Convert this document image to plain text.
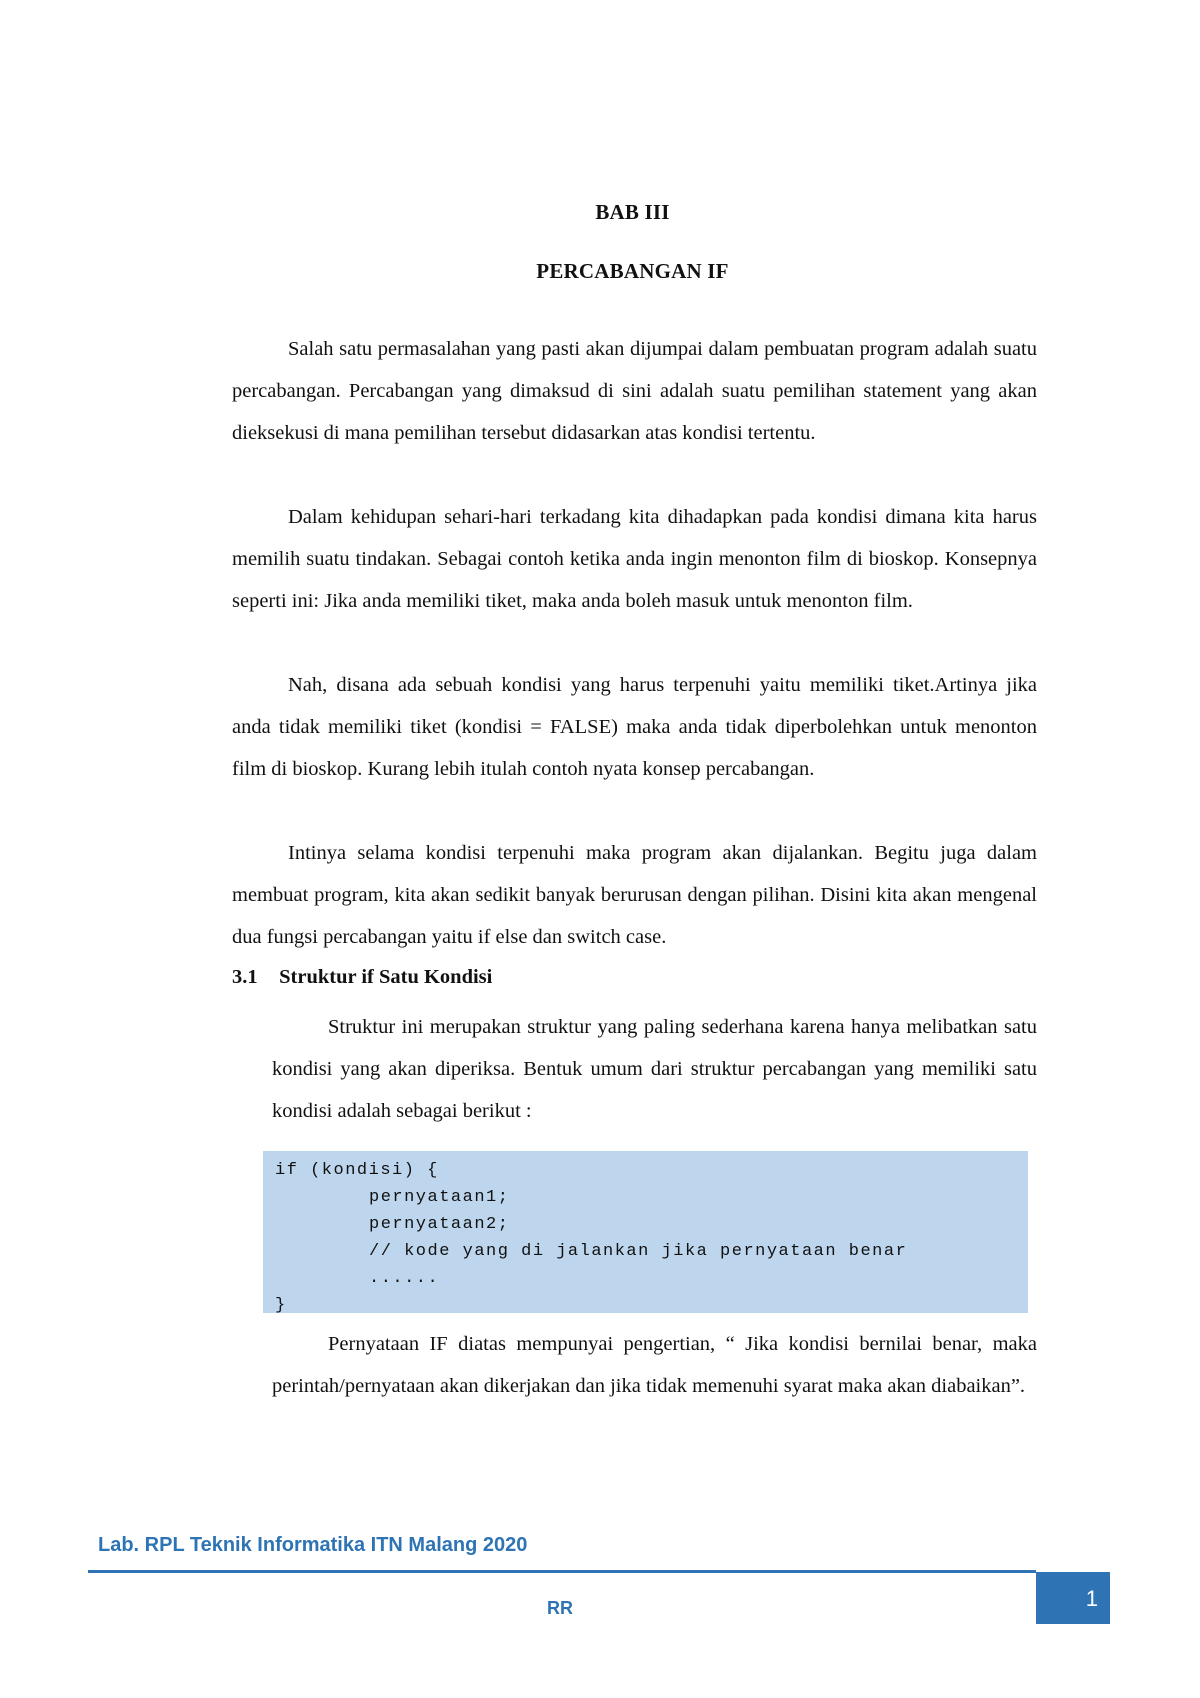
BAB III
PERCABANGAN IF

Salah satu permasalahan yang pasti akan dijumpai dalam pembuatan program adalah suatu percabangan. Percabangan yang dimaksud di sini adalah suatu pemilihan statement yang akan dieksekusi di mana pemilihan tersebut didasarkan atas kondisi tertentu.

Dalam kehidupan sehari-hari terkadang kita dihadapkan pada kondisi dimana kita harus memilih suatu tindakan. Sebagai contoh ketika anda ingin menonton film di bioskop. Konsepnya seperti ini: Jika anda memiliki tiket, maka anda boleh masuk untuk menonton film.

Nah, disana ada sebuah kondisi yang harus terpenuhi yaitu memiliki tiket.Artinya jika anda tidak memiliki tiket (kondisi = FALSE) maka anda tidak diperbolehkan untuk menonton film di bioskop. Kurang lebih itulah contoh nyata konsep percabangan.

Intinya selama kondisi terpenuhi maka program akan dijalankan. Begitu juga dalam membuat program, kita akan sedikit banyak berurusan dengan pilihan. Disini kita akan mengenal dua fungsi percabangan yaitu if else dan switch case.

3.1 Struktur if Satu Kondisi

Struktur ini merupakan struktur yang paling sederhana karena hanya melibatkan satu kondisi yang akan diperiksa. Bentuk umum dari struktur percabangan yang memiliki satu kondisi adalah sebagai berikut :

if (kondisi) {
pernyataan1;
pernyataan2;
// kode yang di jalankan jika pernyataan benar
......
}

Pernyataan IF diatas mempunyai pengertian, “ Jika kondisi bernilai benar, maka perintah/pernyataan akan dikerjakan dan jika tidak memenuhi syarat maka akan diabaikan”.

Lab. RPL Teknik Informatika ITN Malang 2020

RR	1
